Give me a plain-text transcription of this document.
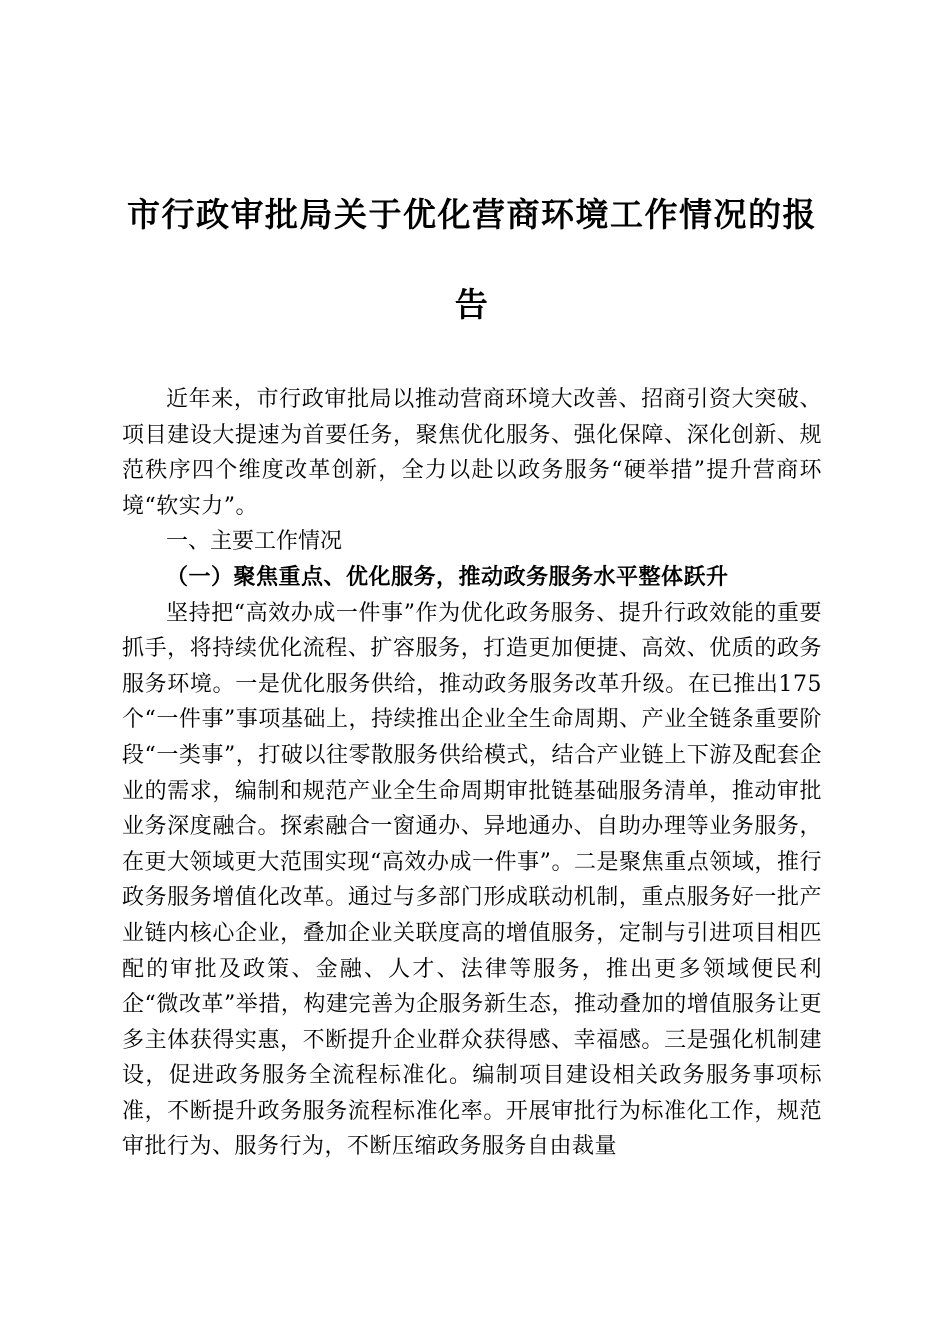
市行政审批局关于优化营商环境工作情况的报告

近年来，市行政审批局以推动营商环境大改善、招商引资大突破、项目建设大提速为首要任务，聚焦优化服务、强化保障、深化创新、规范秩序四个维度改革创新，全力以赴以政务服务“硬举措”提升营商环境“软实力”。

一、主要工作情况

（一）聚焦重点、优化服务，推动政务服务水平整体跃升

坚持把“高效办成一件事”作为优化政务服务、提升行政效能的重要抓手，将持续优化流程、扩容服务，打造更加便捷、高效、优质的政务服务环境。一是优化服务供给，推动政务服务改革升级。在已推出175个“一件事”事项基础上，持续推出企业全生命周期、产业全链条重要阶段“一类事”，打破以往零散服务供给模式，结合产业链上下游及配套企业的需求，编制和规范产业全生命周期审批链基础服务清单，推动审批业务深度融合。探索融合一窗通办、异地通办、自助办理等业务服务，在更大领域更大范围实现“高效办成一件事”。二是聚焦重点领域，推行政务服务增值化改革。通过与多部门形成联动机制，重点服务好一批产业链内核心企业，叠加企业关联度高的增值服务，定制与引进项目相匹配的审批及政策、金融、人才、法律等服务，推出更多领域便民利企“微改革”举措，构建完善为企服务新生态，推动叠加的增值服务让更多主体获得实惠，不断提升企业群众获得感、幸福感。三是强化机制建设，促进政务服务全流程标准化。编制项目建设相关政务服务事项标准，不断提升政务服务流程标准化率。开展审批行为标准化工作，规范审批行为、服务行为，不断压缩政务服务自由裁量
